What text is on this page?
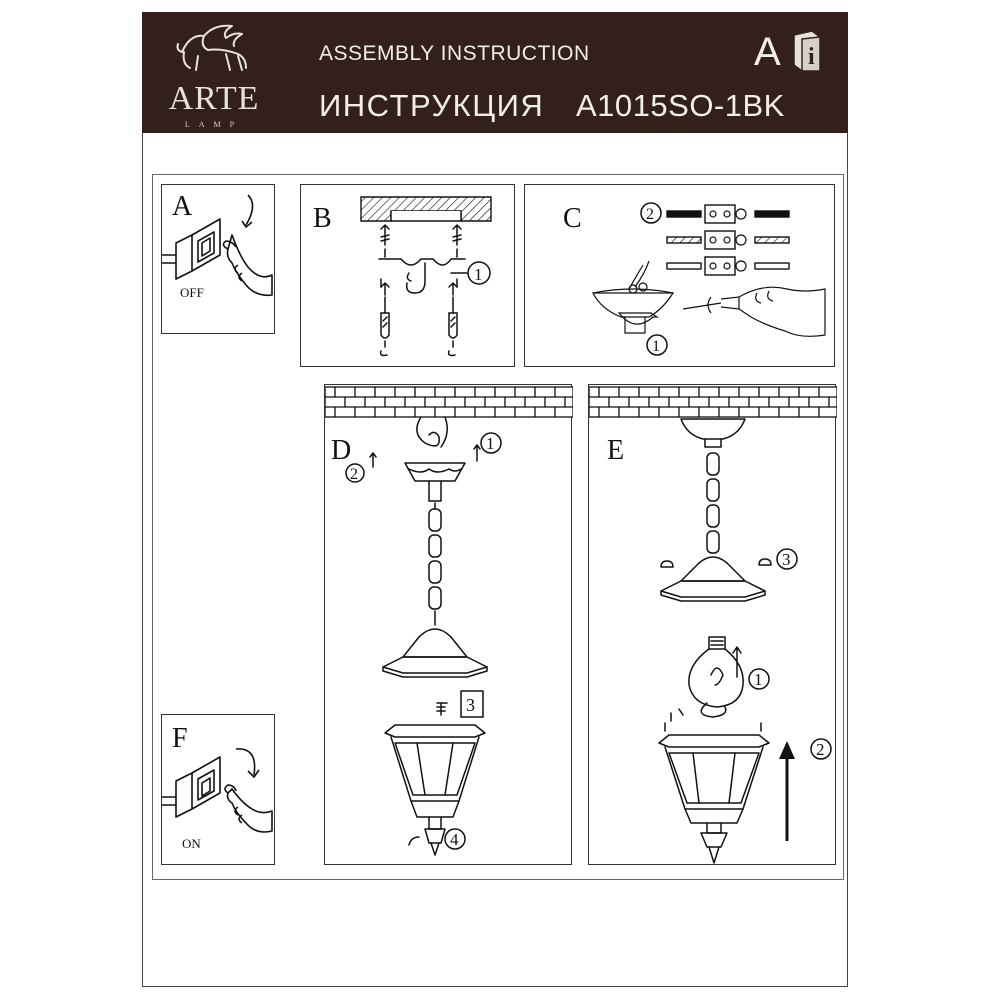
ARTE
LAMP
ASSEMBLY INSTRUCTION
ИНСТРУКЦИЯ A1015SO-1BK
A i
A
OFF
B
1
C	2
1
D	1
2
3
4
E
3
1
2
F
ON
